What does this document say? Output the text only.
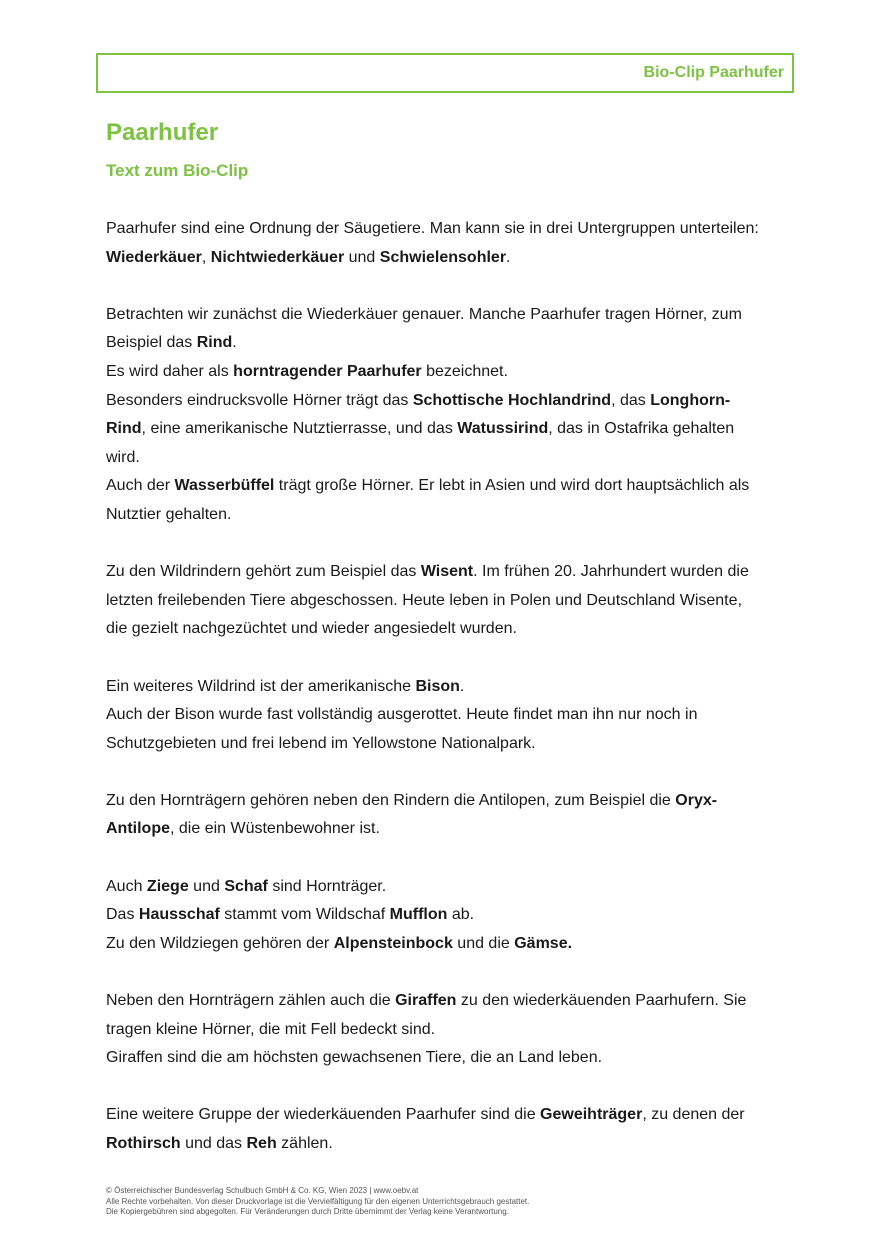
Bio-Clip Paarhufer
Paarhufer
Text zum Bio-Clip

Paarhufer sind eine Ordnung der Säugetiere. Man kann sie in drei Untergruppen unterteilen:
Wiederkäuer, Nichtwiederkäuer und Schwielensohler.

Betrachten wir zunächst die Wiederkäuer genauer. Manche Paarhufer tragen Hörner, zum
Beispiel das Rind.
Es wird daher als horntragender Paarhufer bezeichnet.
Besonders eindrucksvolle Hörner trägt das Schottische Hochlandrind, das Longhorn-
Rind, eine amerikanische Nutztierrasse, und das Watussirind, das in Ostafrika gehalten
wird.
Auch der Wasserbüffel trägt große Hörner. Er lebt in Asien und wird dort hauptsächlich als
Nutztier gehalten.

Zu den Wildrindern gehört zum Beispiel das Wisent. Im frühen 20. Jahrhundert wurden die
letzten freilebenden Tiere abgeschossen. Heute leben in Polen und Deutschland Wisente,
die gezielt nachgezüchtet und wieder angesiedelt wurden.

Ein weiteres Wildrind ist der amerikanische Bison.
Auch der Bison wurde fast vollständig ausgerottet. Heute findet man ihn nur noch in
Schutzgebieten und frei lebend im Yellowstone Nationalpark.

Zu den Hornträgern gehören neben den Rindern die Antilopen, zum Beispiel die Oryx-
Antilope, die ein Wüstenbewohner ist.

Auch Ziege und Schaf sind Hornträger.
Das Hausschaf stammt vom Wildschaf Mufflon ab.
Zu den Wildziegen gehören der Alpensteinbock und die Gämse.

Neben den Hornträgern zählen auch die Giraffen zu den wiederkäuenden Paarhufern. Sie
tragen kleine Hörner, die mit Fell bedeckt sind.
Giraffen sind die am höchsten gewachsenen Tiere, die an Land leben.

Eine weitere Gruppe der wiederkäuenden Paarhufer sind die Geweihträger, zu denen der
Rothirsch und das Reh zählen.

© Österreichischer Bundesverlag Schulbuch GmbH & Co. KG, Wien 2023 | www.oebv.at
Alle Rechte vorbehalten. Von dieser Druckvorlage ist die Vervielfältigung für den eigenen Unterrichtsgebrauch gestattet.
Die Kopiergebühren sind abgegolten. Für Veränderungen durch Dritte übernimmt der Verlag keine Verantwortung.
